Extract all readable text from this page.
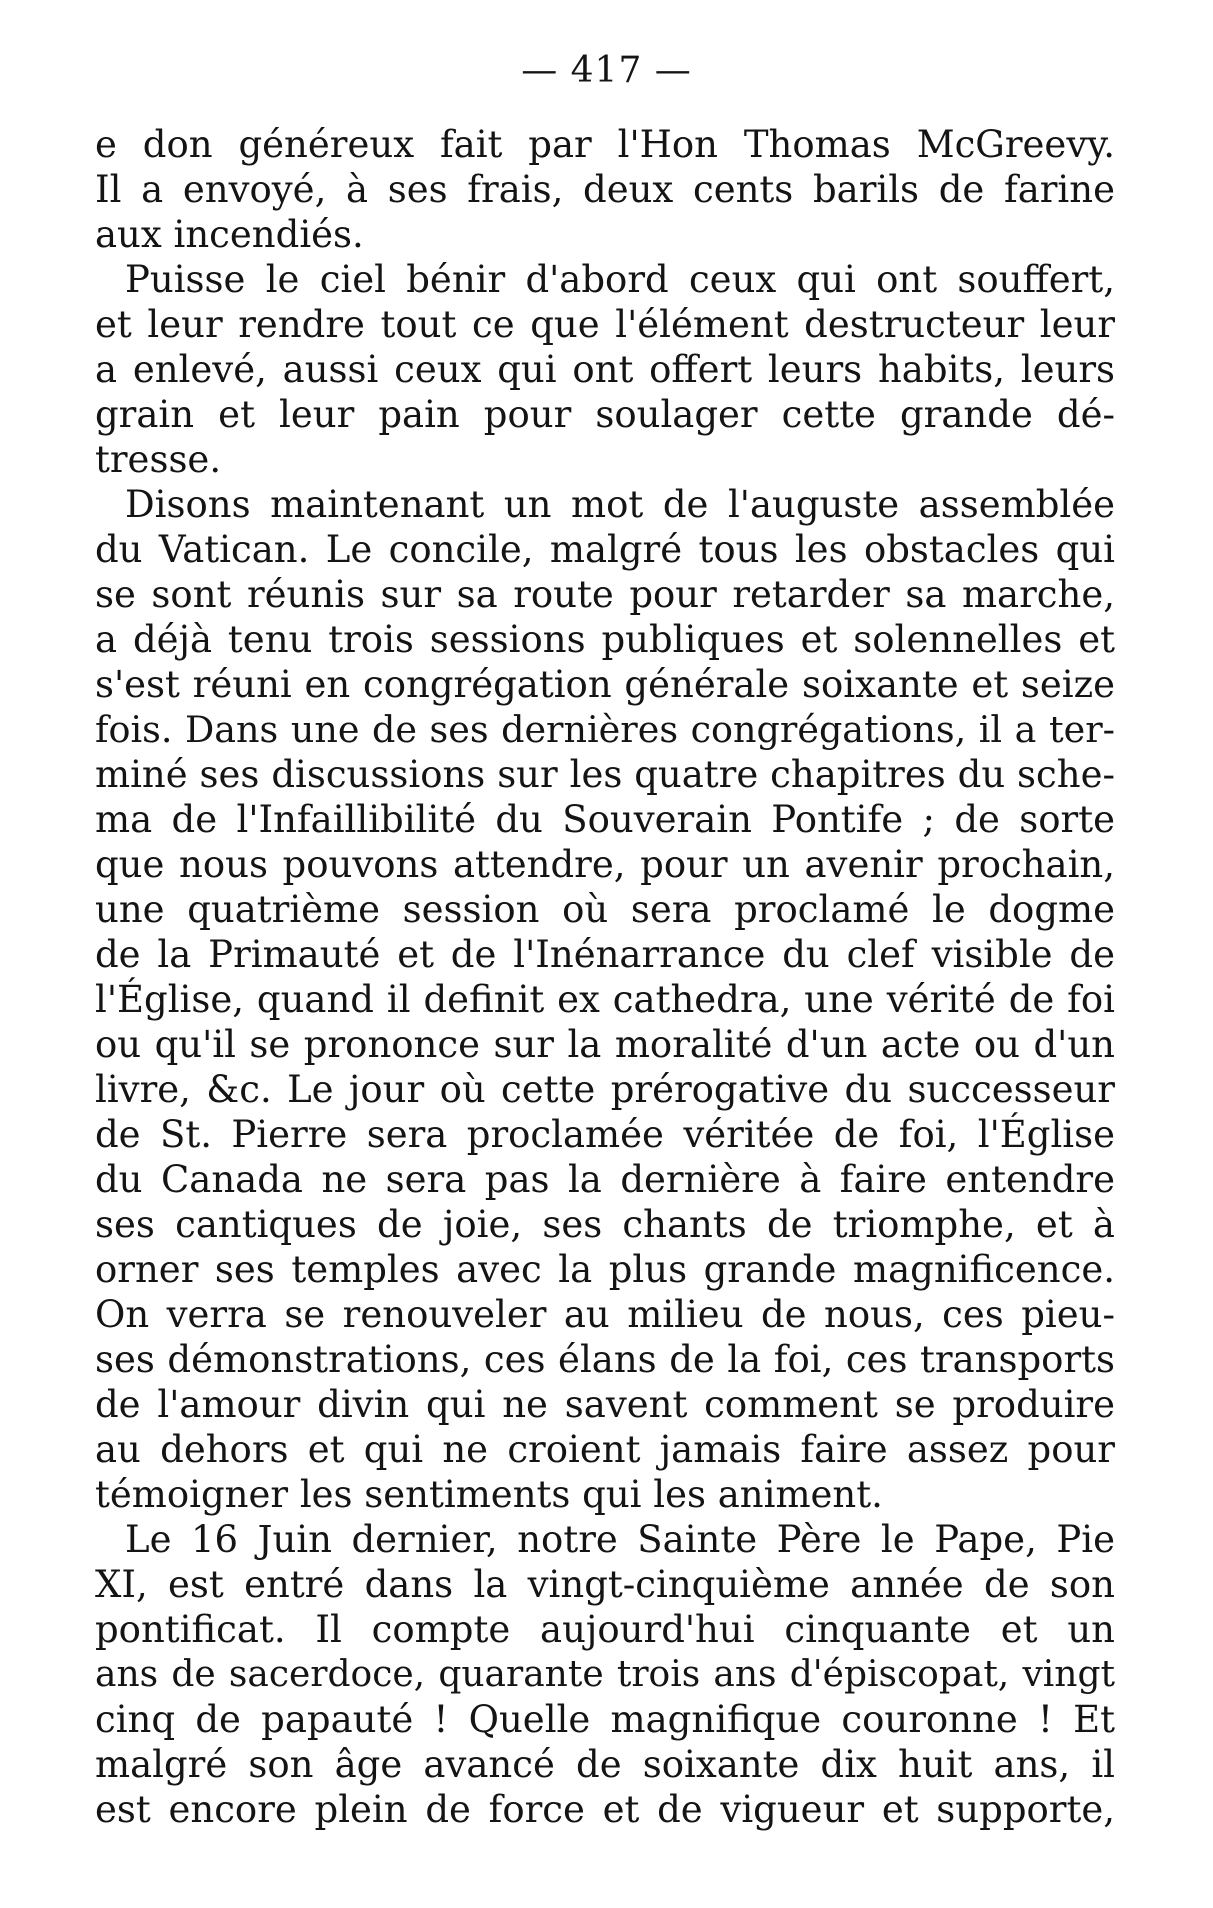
— 417 —
e don généreux fait par l'Hon Thomas McGreevy.
Il a envoyé, à ses frais, deux cents barils de farine
aux incendiés.
Puisse le ciel bénir d'abord ceux qui ont souffert,
et leur rendre tout ce que l'élément destructeur leur
a enlevé, aussi ceux qui ont offert leurs habits, leurs
grain et leur pain pour soulager cette grande dé-
tresse.
Disons maintenant un mot de l'auguste assemblée
du Vatican. Le concile, malgré tous les obstacles qui
se sont réunis sur sa route pour retarder sa marche,
a déjà tenu trois sessions publiques et solennelles et
s'est réuni en congrégation générale soixante et seize
fois. Dans une de ses dernières congrégations, il a ter-
miné ses discussions sur les quatre chapitres du sche-
ma de l'Infaillibilité du Souverain Pontife ; de sorte
que nous pouvons attendre, pour un avenir prochain,
une quatrième session où sera proclamé le dogme
de la Primauté et de l'Inénarrance du clef visible de
l'Église, quand il definit ex cathedra, une vérité de foi
ou qu'il se prononce sur la moralité d'un acte ou d'un
livre, &c. Le jour où cette prérogative du successeur
de St. Pierre sera proclamée véritée de foi, l'Église
du Canada ne sera pas la dernière à faire entendre
ses cantiques de joie, ses chants de triomphe, et à
orner ses temples avec la plus grande magnificence.
On verra se renouveler au milieu de nous, ces pieu-
ses démonstrations, ces élans de la foi, ces transports
de l'amour divin qui ne savent comment se produire
au dehors et qui ne croient jamais faire assez pour
témoigner les sentiments qui les animent.
Le 16 Juin dernier, notre Sainte Père le Pape, Pie
XI, est entré dans la vingt-cinquième année de son
pontificat. Il compte aujourd'hui cinquante et un
ans de sacerdoce, quarante trois ans d'épiscopat, vingt
cinq de papauté ! Quelle magnifique couronne ! Et
malgré son âge avancé de soixante dix huit ans, il
est encore plein de force et de vigueur et supporte,
